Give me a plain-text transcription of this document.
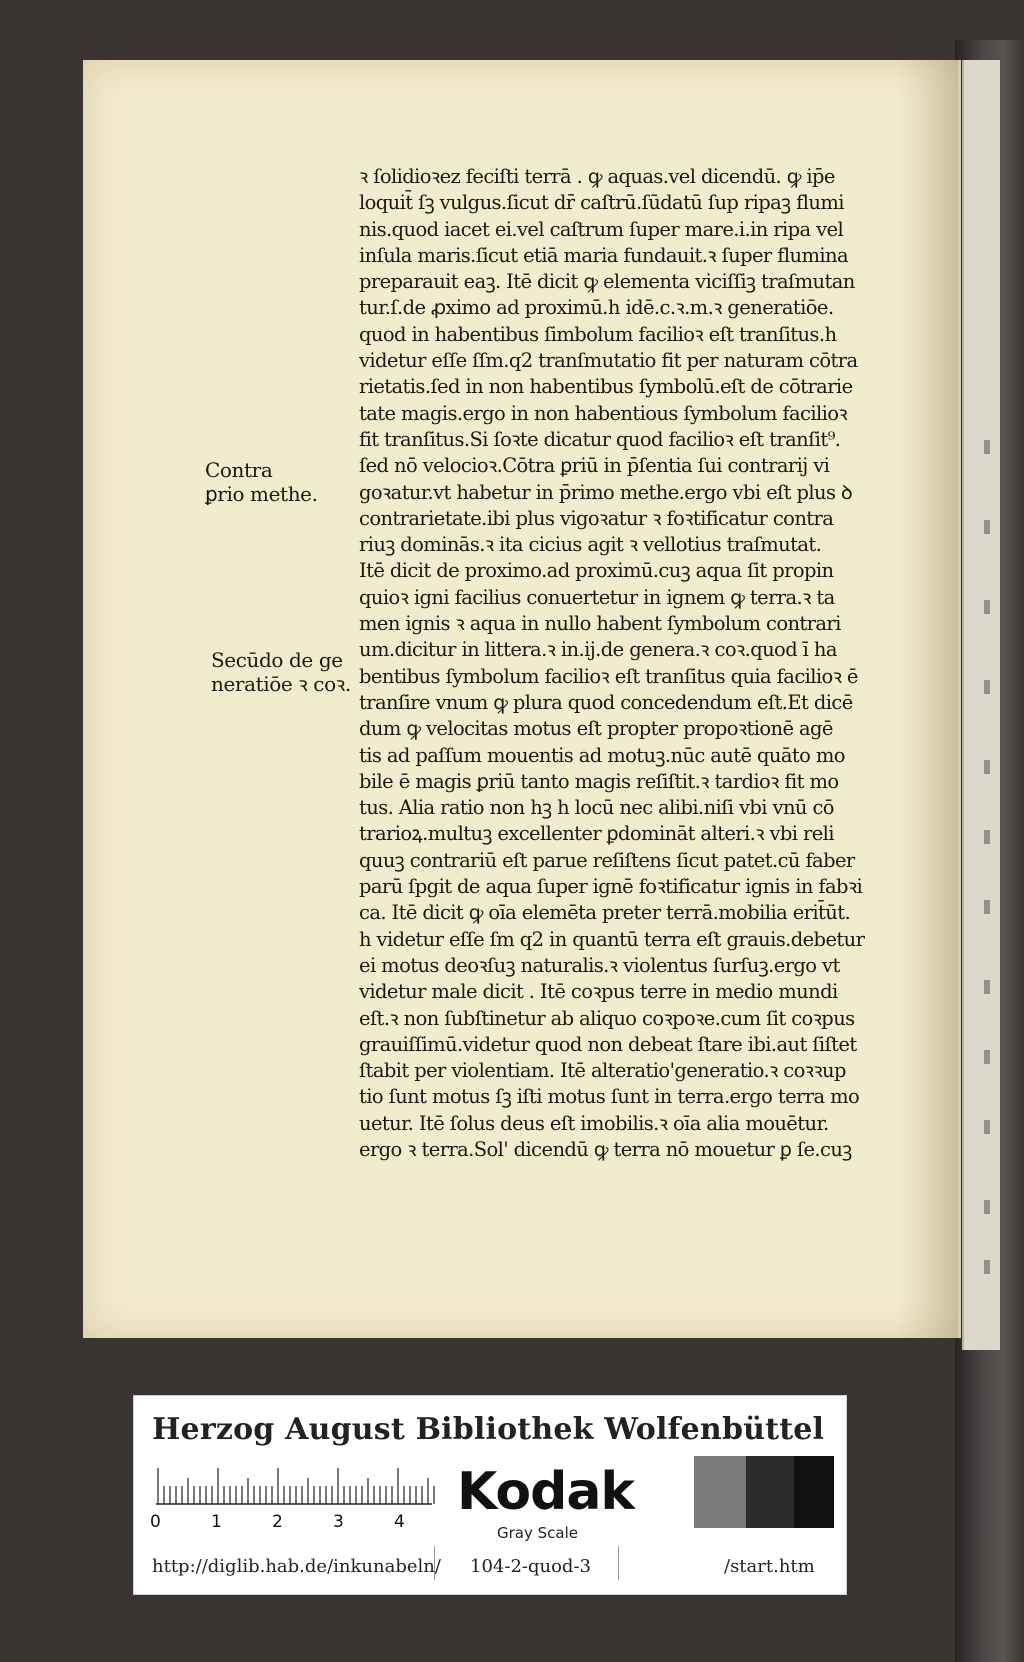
Contra
ꝑrio methe.
Secūdo de ge
neratiōe ꝛ coꝛ.
ꝛ ſolidioꝛez feciſti terrā . ꝙ aquas.vel dicendū. ꝙ ip̄e
loquit̄ ſꝫ vulgus.ſicut dr̄ caſtrū.ſūdatū ſup ripaꝫ flumi
nis.quod iacet ei.vel caſtrum ſuper mare.i.in ripa vel
inſula maris.ſicut etiā maria fundauit.ꝛ ſuper flumina
preparauit eaꝫ. Itē dicit ꝙ elementa viciſſiꝫ traſmutan
tur.ſ.de ꝓximo ad proximū.h idē.c.ꝛ.m.ꝛ generatiōe.
quod in habentibus ſimbolum facilioꝛ eſt tranſitus.h
videtur eſſe ſſm.q2 tranſmutatio fit per naturam cōtra
rietatis.ſed in non habentibus ſymbolū.eſt de cōtrarie
tate magis.ergo in non habentious ſymbolum facilioꝛ
fit tranſitus.Si ſoꝛte dicatur quod facilioꝛ eſt tranſit⁹.
ſed nō velocioꝛ.Cōtra ꝑriū in p̄ſentia ſui contrarij vi
goꝛatur.vt habetur in p̄rimo methe.ergo vbi eſt plus ꝺ
contrarietate.ibi plus vigoꝛatur ꝛ foꝛtificatur contra
riuꝫ dominās.ꝛ ita cicius agit ꝛ vellotius traſmutat.
Itē dicit de proximo.ad proximū.cuꝫ aqua ſit propin
quioꝛ igni facilius conuertetur in ignem ꝙ terra.ꝛ ta
men ignis ꝛ aqua in nullo habent ſymbolum contrari
um.dicitur in littera.ꝛ in.ij.de genera.ꝛ coꝛ.quod ī ha
bentibus ſymbolum facilioꝛ eſt tranſitus quia facilioꝛ ē
tranſire vnum ꝙ plura quod concedendum eſt.Et dicē
dum ꝙ velocitas motus eſt propter propoꝛtionē agē
tis ad paſſum mouentis ad motuꝫ.nūc autē quāto mo
bile ē magis ꝑriū tanto magis reſiſtit.ꝛ tardioꝛ fit mo
tus. Alia ratio non hꝫ h locū nec alibi.niſi vbi vnū cō
trarioꝝ.multuꝫ excellenter ꝑdomināt alteri.ꝛ vbi reli
quuꝫ contrariū eſt parue reſiſtens ſicut patet.cū faber
parū ſpgit de aqua ſuper ignē foꝛtificatur ignis in fabꝛi
ca. Itē dicit ꝙ oīa elemēta preter terrā.mobilia erit̄ūt.
h videtur eſſe ſm q2 in quantū terra eſt grauis.debetur
ei motus deoꝛſuꝫ naturalis.ꝛ violentus ſurſuꝫ.ergo vt
videtur male dicit . Itē coꝛpus terre in medio mundi
eſt.ꝛ non ſubſtinetur ab aliquo coꝛpoꝛe.cum ſit coꝛpus
grauiſſimū.videtur quod non debeat ſtare ibi.aut ſiſtet
ſtabit per violentiam. Itē alteratio'generatio.ꝛ coꝛꝛup
tio ſunt motus ſꝫ iſti motus ſunt in terra.ergo terra mo
uetur. Itē ſolus deus eſt imobilis.ꝛ oīa alia mouētur.
ergo ꝛ terra.Sol' dicendū ꝙ terra nō mouetur ꝑ ſe.cuꝫ
Herzog August Bibliothek Wolfenbüttel
0	1	2	3	4 Kodak
Gray Scale
http://diglib.hab.de/inkunabeln/ 104-2-quod-3	/start.htm
